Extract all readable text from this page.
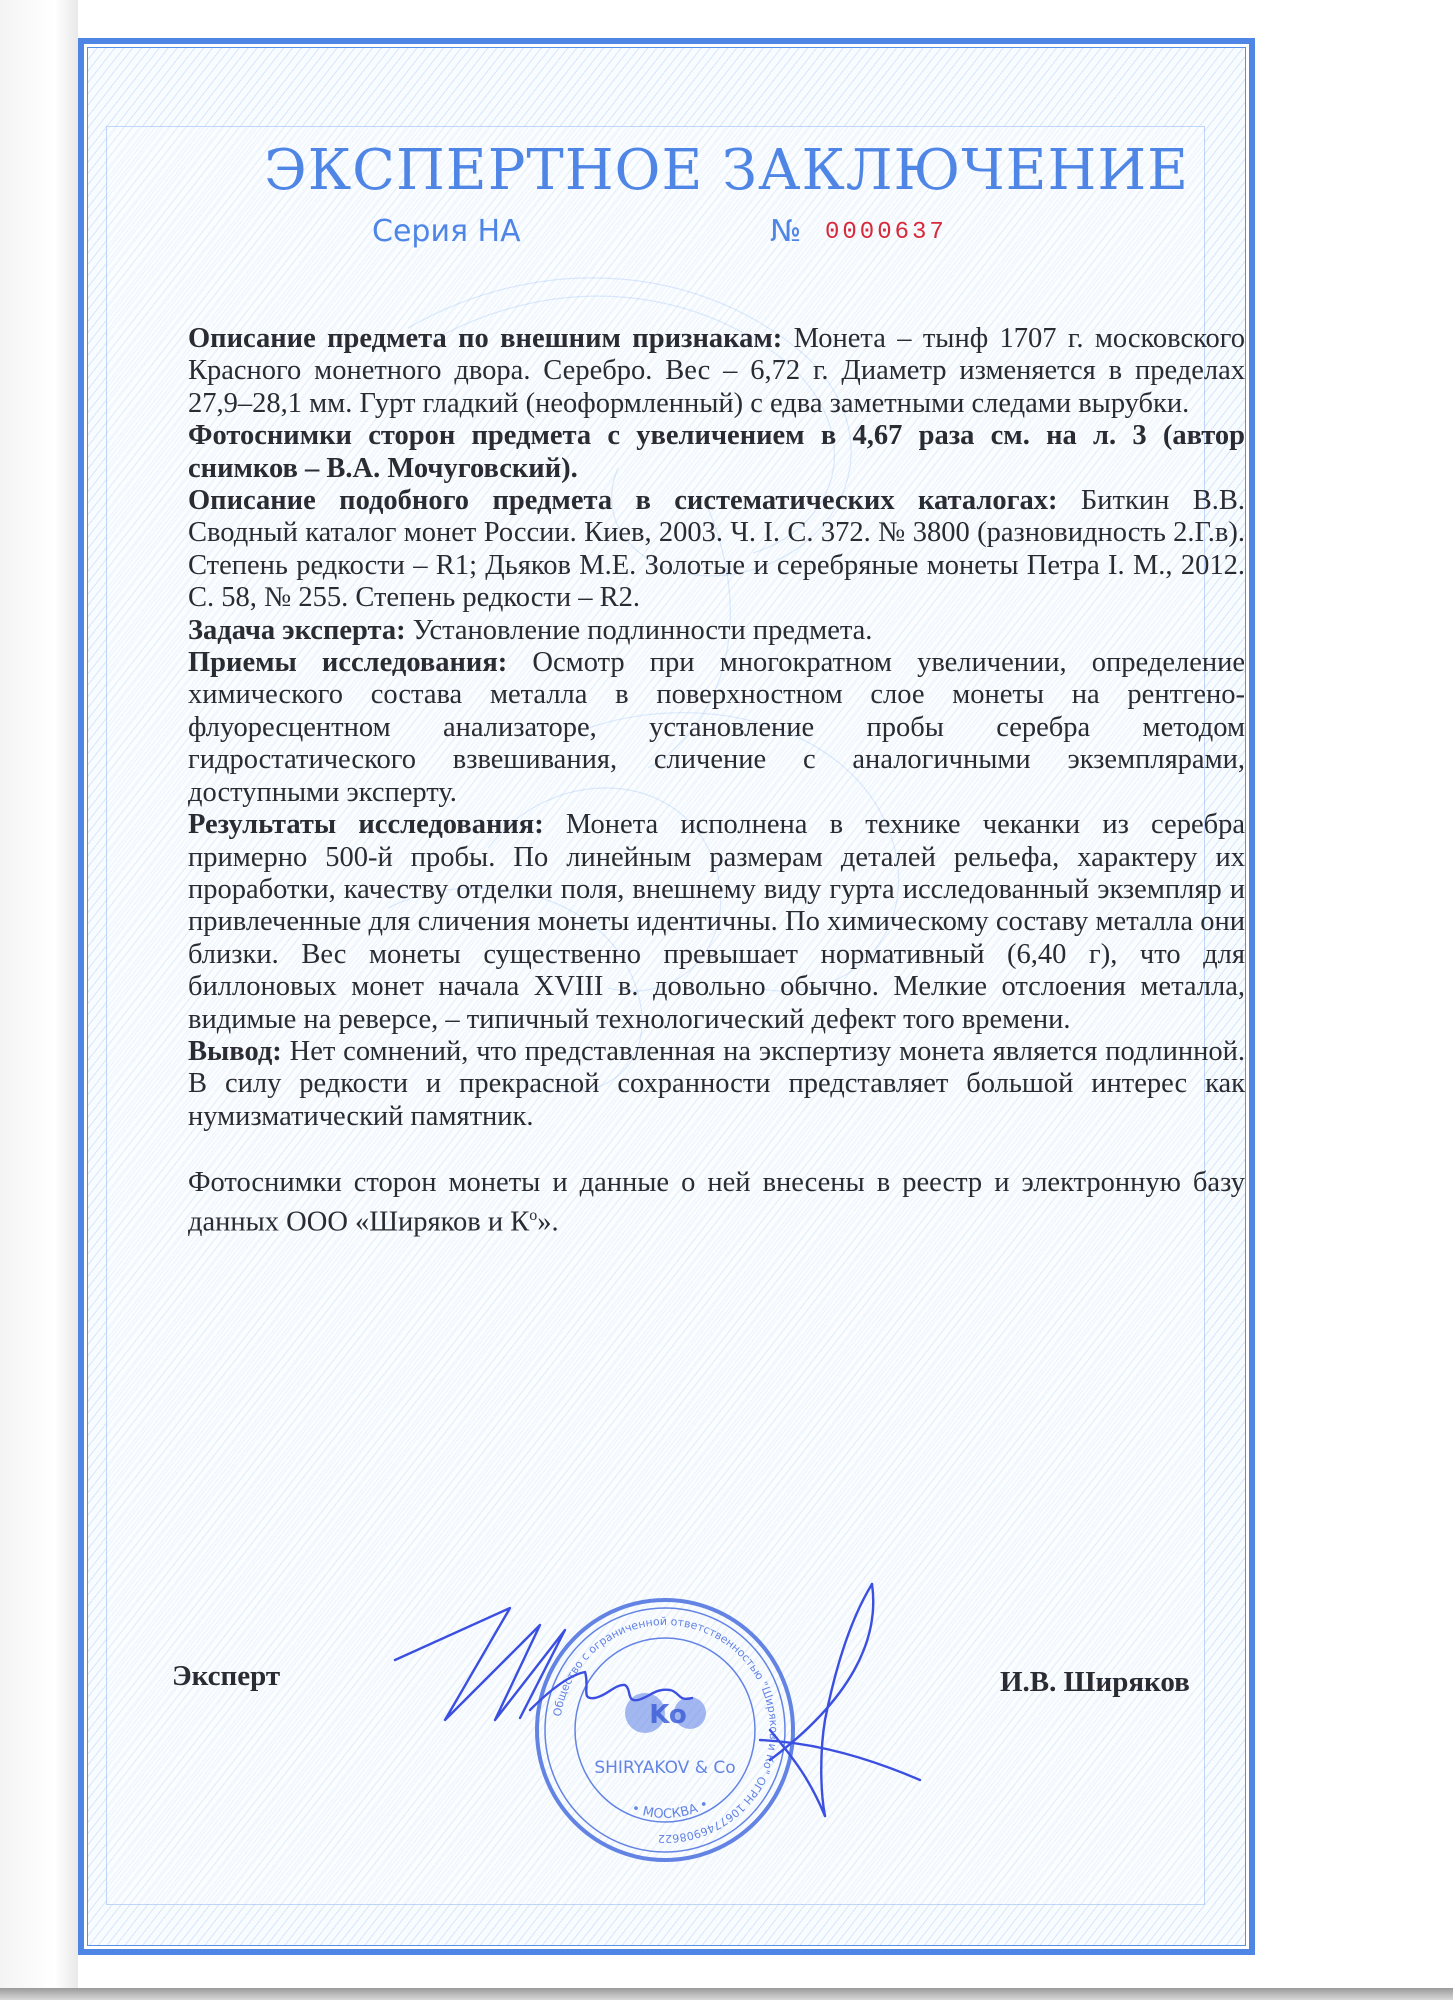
ЭКСПЕРТНОЕ ЗАКЛЮЧЕНИЕ
Серия НА	№ 0000637

Описание предмета по внешним признакам: Монета – тынф 1707 г. московского Красного монетного двора. Серебро. Вес – 6,72 г. Диаметр изменяется в пределах 27,9–28,1 мм. Гурт гладкий (неоформленный) с едва заметными следами вырубки.

Фотоснимки сторон предмета с увеличением в 4,67 раза см. на л. 3 (автор снимков – В.А. Мочуговский).

Описание подобного предмета в систематических каталогах: Биткин В.В. Сводный каталог монет России. Киев, 2003. Ч. I. С. 372. № 3800 (разновидность 2.Г.в). Степень редкости – R1; Дьяков М.Е. Золотые и серебряные монеты Петра I. М., 2012. С. 58, № 255. Степень редкости – R2.

Задача эксперта: Установление подлинности предмета.

Приемы исследования: Осмотр при многократном увеличении, определение химического состава металла в поверхностном слое монеты на рентгено-флуоресцентном анализаторе, установление пробы серебра методом гидростатического взвешивания, сличение с аналогичными экземплярами, доступными эксперту.

Результаты исследования: Монета исполнена в технике чеканки из серебра примерно 500-й пробы. По линейным размерам деталей рельефа, характеру их проработки, качеству отделки поля, внешнему виду гурта исследованный экземпляр и привлеченные для сличения монеты идентичны. По химическому составу металла они близки. Вес монеты существенно превышает нормативный (6,40 г), что для биллоновых монет начала XVIII в. довольно обычно. Мелкие отслоения металла, видимые на реверсе, – типичный технологический дефект того времени.

Вывод: Нет сомнений, что представленная на экспертизу монета является подлинной. В силу редкости и прекрасной сохранности представляет большой интерес как нумизматический памятник.

Фотоснимки сторон монеты и данные о ней внесены в реестр и электронную базу данных ООО «Ширяков и $К^о$».

Эксперт	И.В. Ширяков
Общество с ограниченной ответственностью "Ширяков и Ко" ОГРН 1067746908622
• МОСКВА •
Ko
SHIRYAKOV & Co
